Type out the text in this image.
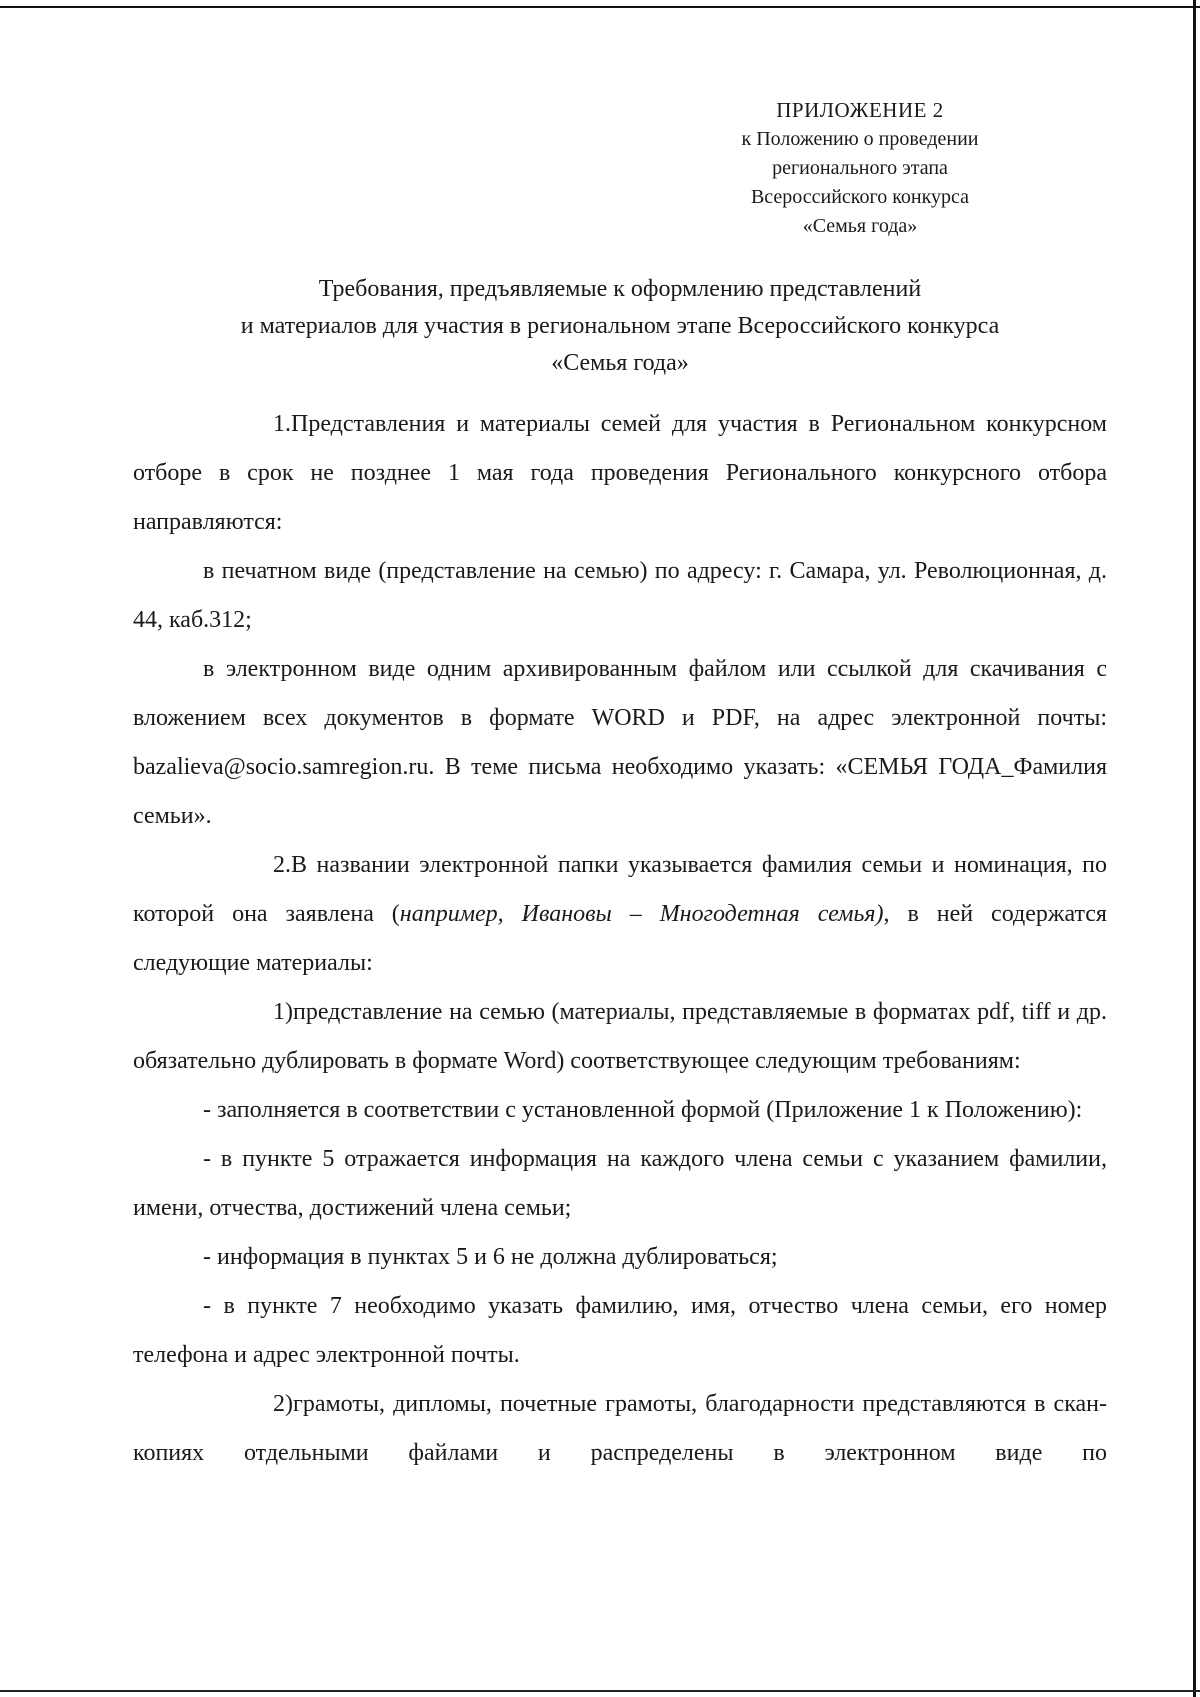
ПРИЛОЖЕНИЕ 2
к Положению о проведении
регионального этапа
Всероссийского конкурса
«Семья года»
Требования, предъявляемые к оформлению представлений
и материалов для участия в региональном этапе Всероссийского конкурса
«Семья года»

1.Представления и материалы семей для участия в Региональном конкурсном отборе в срок не позднее 1 мая года проведения Регионального конкурсного отбора направляются:

в печатном виде (представление на семью) по адресу: г. Самара, ул. Революционная, д. 44, каб.312;

в электронном виде одним архивированным файлом или ссылкой для скачивания с вложением всех документов в формате WORD и PDF, на адрес электронной почты: bazalieva@socio.samregion.ru. В теме письма необходимо указать: «СЕМЬЯ ГОДА_Фамилия семьи».

2.В названии электронной папки указывается фамилия семьи и номинация, по которой она заявлена (например, Ивановы – Многодетная семья), в ней содержатся следующие материалы:

1)представление на семью (материалы, представляемые в форматах pdf, tiff и др. обязательно дублировать в формате Word) соответствующее следующим требованиям:

- заполняется в соответствии с установленной формой (Приложение 1 к Положению):

- в пункте 5 отражается информация на каждого члена семьи с указанием фамилии, имени, отчества, достижений члена семьи;

- информация в пунктах 5 и 6 не должна дублироваться;

- в пункте 7 необходимо указать фамилию, имя, отчество члена семьи, его номер телефона и адрес электронной почты.

2)грамоты, дипломы, почетные грамоты, благодарности представляются в скан-копиях отдельными файлами и распределены в электронном виде по
